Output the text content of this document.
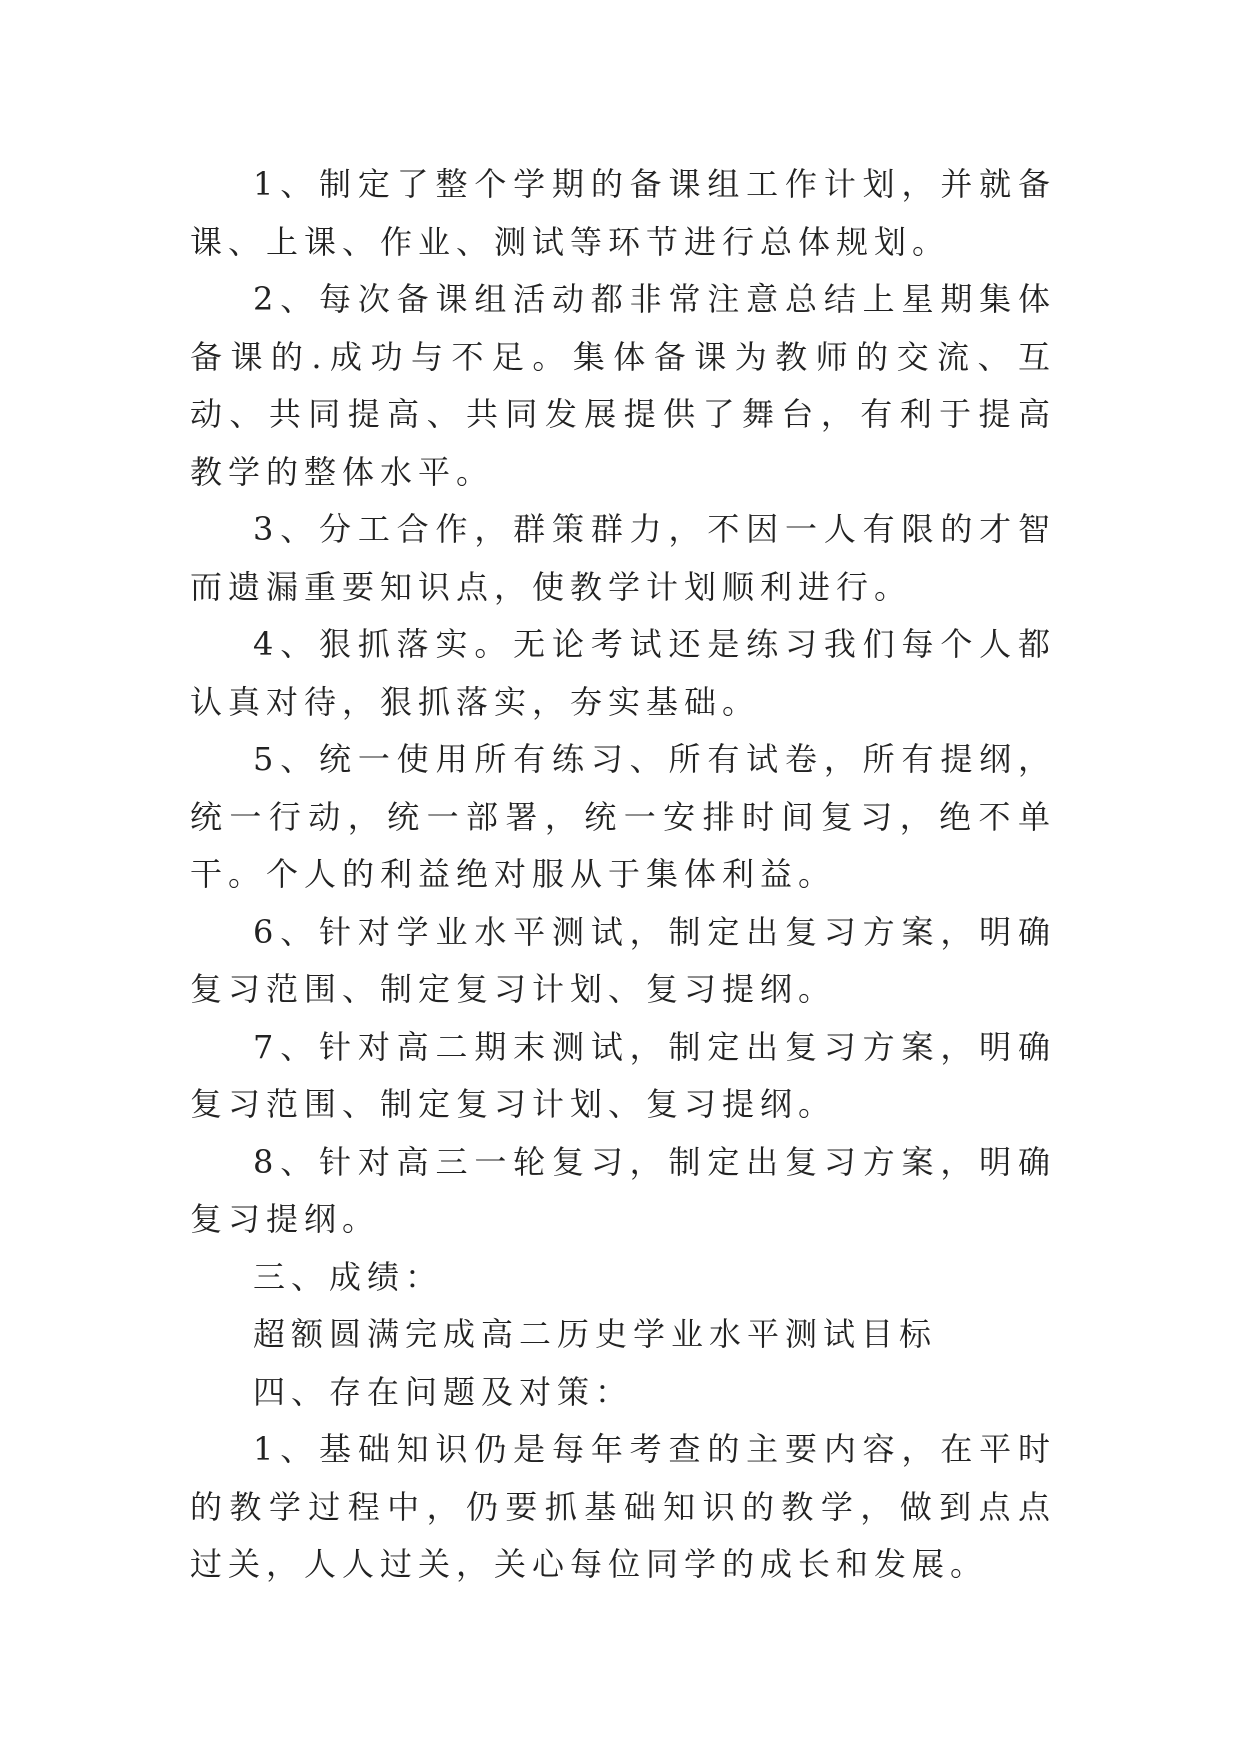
1、制定了整个学期的备课组工作计划，并就备课、上课、作业、测试等环节进行总体规划。

2、每次备课组活动都非常注意总结上星期集体备课的.成功与不足。集体备课为教师的交流、互动、共同提高、共同发展提供了舞台，有利于提高教学的整体水平。

3、分工合作，群策群力，不因一人有限的才智而遗漏重要知识点，使教学计划顺利进行。

4、狠抓落实。无论考试还是练习我们每个人都认真对待，狠抓落实，夯实基础。

5、统一使用所有练习、所有试卷，所有提纲，统一行动，统一部署，统一安排时间复习，绝不单干。个人的利益绝对服从于集体利益。

6、针对学业水平测试，制定出复习方案，明确复习范围、制定复习计划、复习提纲。

7、针对高二期末测试，制定出复习方案，明确复习范围、制定复习计划、复习提纲。

8、针对高三一轮复习，制定出复习方案，明确复习提纲。

三、成绩：

超额圆满完成高二历史学业水平测试目标

四、存在问题及对策：

1、基础知识仍是每年考查的主要内容，在平时的教学过程中，仍要抓基础知识的教学，做到点点过关，人人过关，关心每位同学的成长和发展。
